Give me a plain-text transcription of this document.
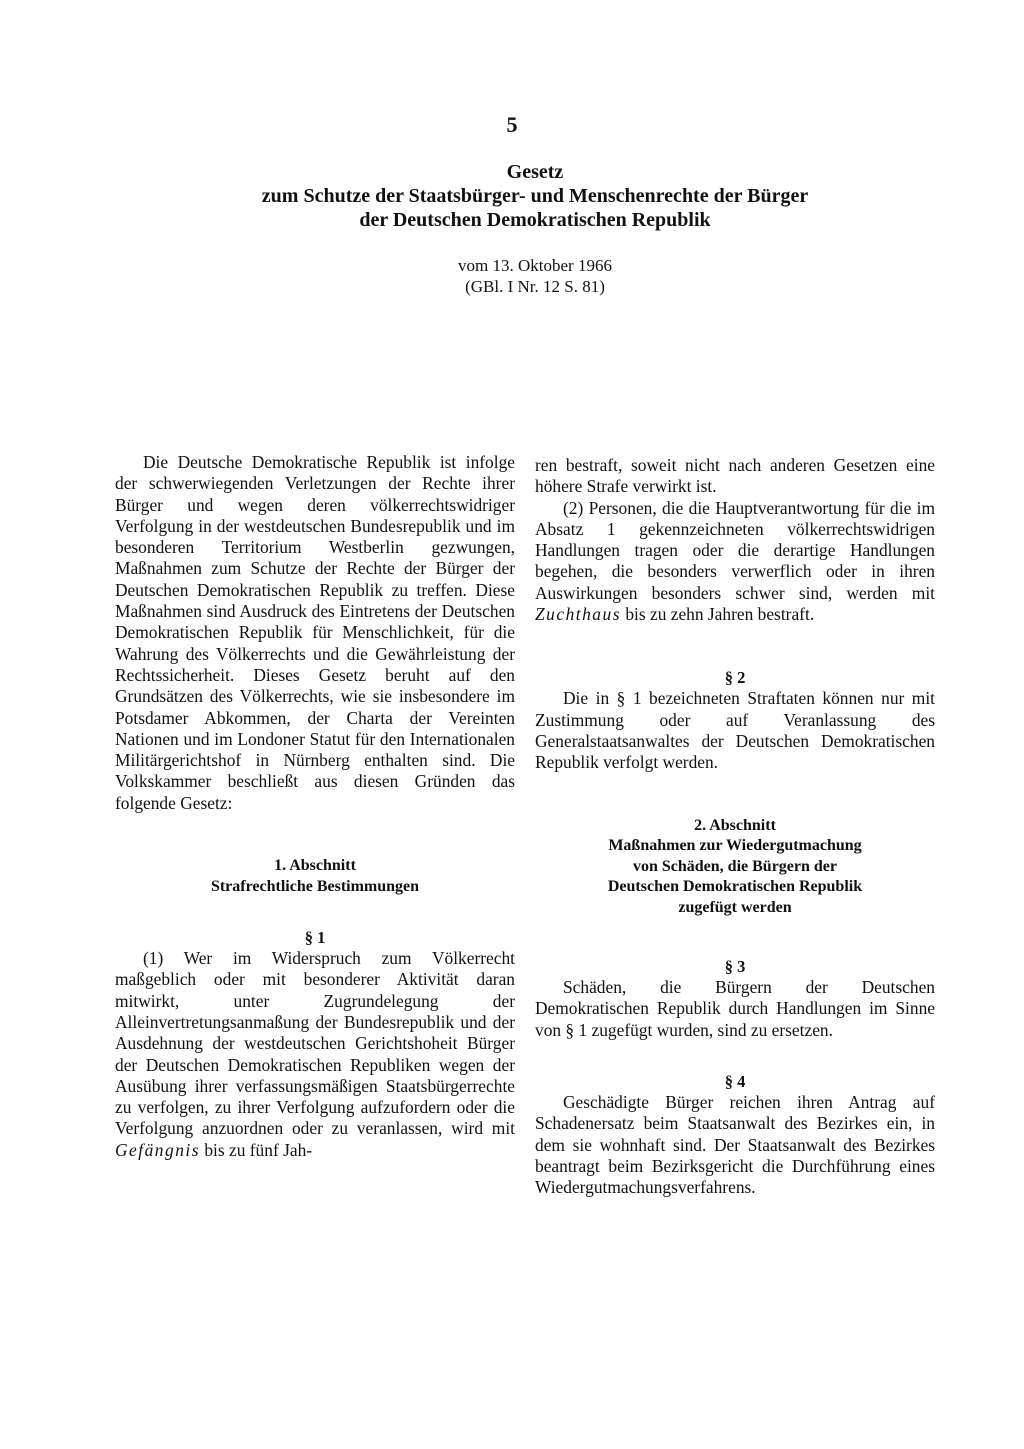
5
Gesetz
zum Schutze der Staatsbürger- und Menschenrechte der Bürger
der Deutschen Demokratischen Republik
vom 13. Oktober 1966
(GBl. I Nr. 12 S. 81)

Die Deutsche Demokratische Republik ist infolge der schwerwiegenden Verletzungen der Rechte ihrer Bürger und wegen deren völkerrechtswidriger Verfolgung in der westdeutschen Bundesrepublik und im besonderen Territorium Westberlin gezwungen, Maßnahmen zum Schutze der Rechte der Bürger der Deutschen Demokratischen Republik zu treffen. Diese Maßnahmen sind Ausdruck des Eintretens der Deutschen Demokratischen Republik für Menschlichkeit, für die Wahrung des Völkerrechts und die Gewährleistung der Rechtssicherheit. Dieses Gesetz beruht auf den Grundsätzen des Völkerrechts, wie sie insbesondere im Potsdamer Abkommen, der Charta der Vereinten Nationen und im Londoner Statut für den Internationalen Militärgerichtshof in Nürnberg enthalten sind. Die Volkskammer beschließt aus diesen Gründen das folgende Gesetz:

1. Abschnitt
Strafrechtliche Bestimmungen
§ 1

(1) Wer im Widerspruch zum Völkerrecht maßgeblich oder mit besonderer Aktivität daran mitwirkt, unter Zugrundelegung der Alleinvertretungsanmaßung der Bundesrepublik und der Ausdehnung der westdeutschen Gerichtshoheit Bürger der Deutschen Demokratischen Republiken wegen der Ausübung ihrer verfassungsmäßigen Staatsbürgerrechte zu verfolgen, zu ihrer Verfolgung aufzufordern oder die Verfolgung anzuordnen oder zu veranlassen, wird mit Gefängnis bis zu fünf Jah-

ren bestraft, soweit nicht nach anderen Gesetzen eine höhere Strafe verwirkt ist.

(2) Personen, die die Hauptverantwortung für die im Absatz 1 gekennzeichneten völkerrechtswidrigen Handlungen tragen oder die derartige Handlungen begehen, die besonders verwerflich oder in ihren Auswirkungen besonders schwer sind, werden mit Zuchthaus bis zu zehn Jahren bestraft.

§ 2

Die in § 1 bezeichneten Straftaten können nur mit Zustimmung oder auf Veranlassung des Generalstaatsanwaltes der Deutschen Demokratischen Republik verfolgt werden.

2. Abschnitt
Maßnahmen zur Wiedergutmachung
von Schäden, die Bürgern der
Deutschen Demokratischen Republik
zugefügt werden
§ 3

Schäden, die Bürgern der Deutschen Demokratischen Republik durch Handlungen im Sinne von § 1 zugefügt wurden, sind zu ersetzen.

§ 4

Geschädigte Bürger reichen ihren Antrag auf Schadenersatz beim Staatsanwalt des Bezirkes ein, in dem sie wohnhaft sind. Der Staatsanwalt des Bezirkes beantragt beim Bezirksgericht die Durchführung eines Wiedergutmachungsverfahrens.
